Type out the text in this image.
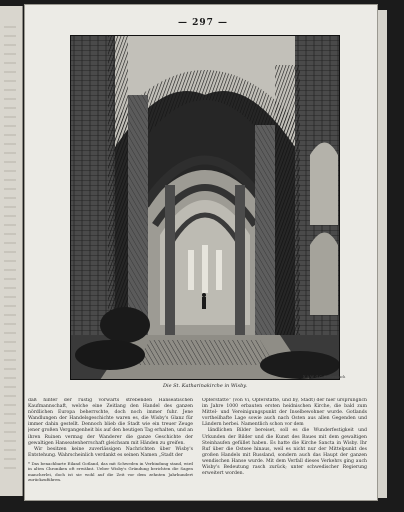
— 297 —
Die St. Katharinakirche in Wisby.
X.A.W. G.C. Ruthenbach

daß hinter der rüstig vorwärts strebenden Hanseatischen Kaufmannschaft, welche eine Zeitlang den Handel des ganzen nördlichen Europa beherrschte, doch noch immer fuhr. Jene Wandlungen der Handelsgeschichte waren es, die Wisby's Glanz für immer dahin gestellt. Dennoch blieb die Stadt wie ein treuer Zeuge jener großen Vergangenheit bis auf den heutigen Tag erhalten, und an ihren Ruinen vermag der Wanderer die ganze Geschichte der gewaltigen Hanseatenherrschaft gleichsam mit Händen zu greifen.

Wir besitzen keine zuverlässigen Nachrichten über Wisby's Entstehung. Wahrscheinlich verdankt es seinen Namen „Stadt der

* Das benachbarte Eiland Gotland, das mit Schweden in Verbindung stand, wird in alten Chroniken oft erwähnt. Ueber Wisby's Gründung berichten die Sagen mancherlei, doch ist sie wohl auf die Zeit vor dem zehnten Jahrhundert zurückzuführen.

Opferstätte“ (von Vi, Opferstätte, und by, Stadt) der hier ursprünglich im Jahre 1000 erbauten ersten heidnischen Kirche, die bald zum Mittel- und Vereinigungspunkt der Inselbewohner wurde. Gotlands vortheilhafte Lage sowie auch nach Osten aus allen Gegenden und Ländern herbei. Namentlich schon vor dem

ländlichen Bilder bereiset, soll es die Wunderfestigkeit und Urkunden der Bilder und die Kunst des Baues mit dem gewaltigen Steinhaufen gefüllet haben. Es hatte die Kirche Sancta in Wisby. Ihr Ruf über die Ostsee hinaus, weil es nicht nur der Mittelpunkt des großen Handels mit Russland, sondern auch das Haupt der ganzen wendischen Hanse wurde. Mit dem Verfall dieses Verkehrs ging auch Wisby's Bedeutung rasch zurück; unter schwedischer Regierung erweitert worden.
